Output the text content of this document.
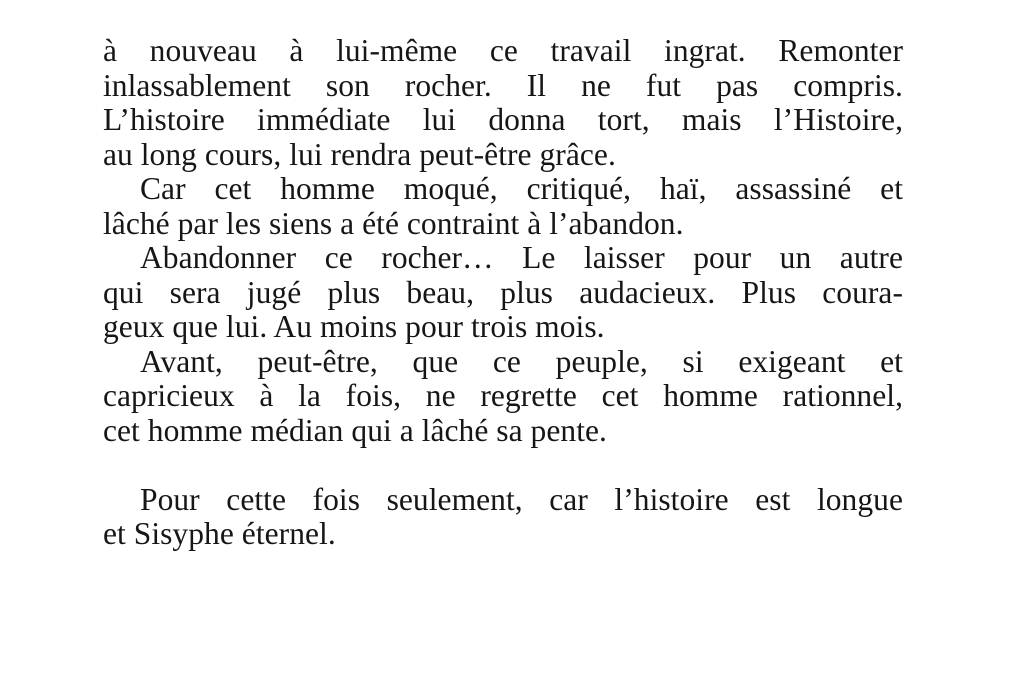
à nouveau à lui-même ce travail ingrat. Remonter
inlassablement son rocher. Il ne fut pas compris.
L’histoire immédiate lui donna tort, mais l’Histoire,
au long cours, lui rendra peut-être grâce.

Car cet homme moqué, critiqué, haï, assassiné et
lâché par les siens a été contraint à l’abandon.

Abandonner ce rocher… Le laisser pour un autre
qui sera jugé plus beau, plus audacieux. Plus coura-
geux que lui. Au moins pour trois mois.

Avant, peut-être, que ce peuple, si exigeant et
capricieux à la fois, ne regrette cet homme rationnel,
cet homme médian qui a lâché sa pente.

Pour cette fois seulement, car l’histoire est longue
et Sisyphe éternel.
